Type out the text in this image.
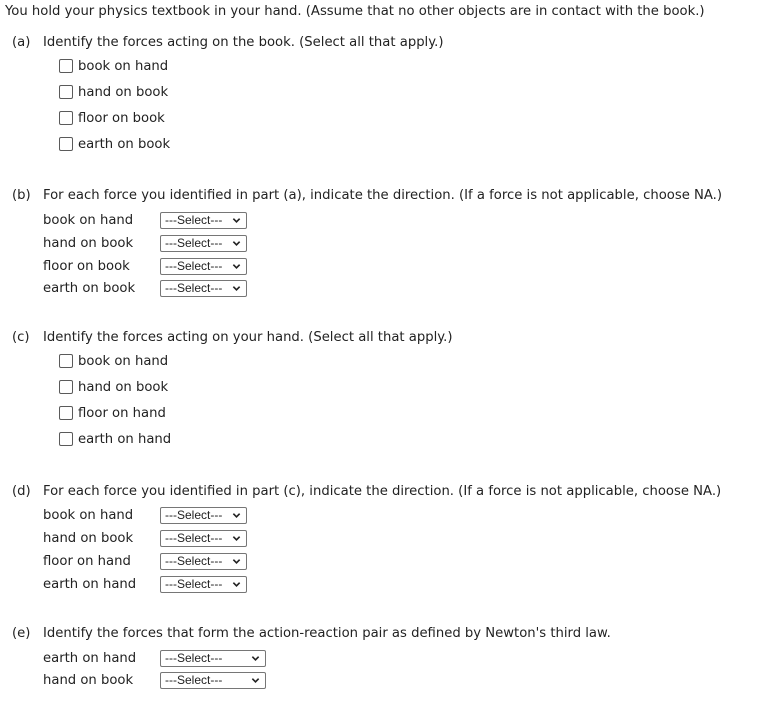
You hold your physics textbook in your hand. (Assume that no other objects are in contact with the book.)
(a) Identify the forces acting on the book. (Select all that apply.)
book on hand
hand on book
floor on book
earth on book
(b) For each force you identified in part (a), indicate the direction. (If a force is not applicable, choose NA.)
book on hand	---Select---
hand on book	---Select---
floor on book	---Select---
earth on book	---Select---
(c) Identify the forces acting on your hand. (Select all that apply.)
book on hand
hand on book
floor on hand
earth on hand
(d) For each force you identified in part (c), indicate the direction. (If a force is not applicable, choose NA.)
book on hand	---Select---
hand on book	---Select---
floor on hand	---Select---
earth on hand	---Select---
(e) Identify the forces that form the action-reaction pair as defined by Newton's third law.
earth on hand	---Select---
hand on book	---Select---
